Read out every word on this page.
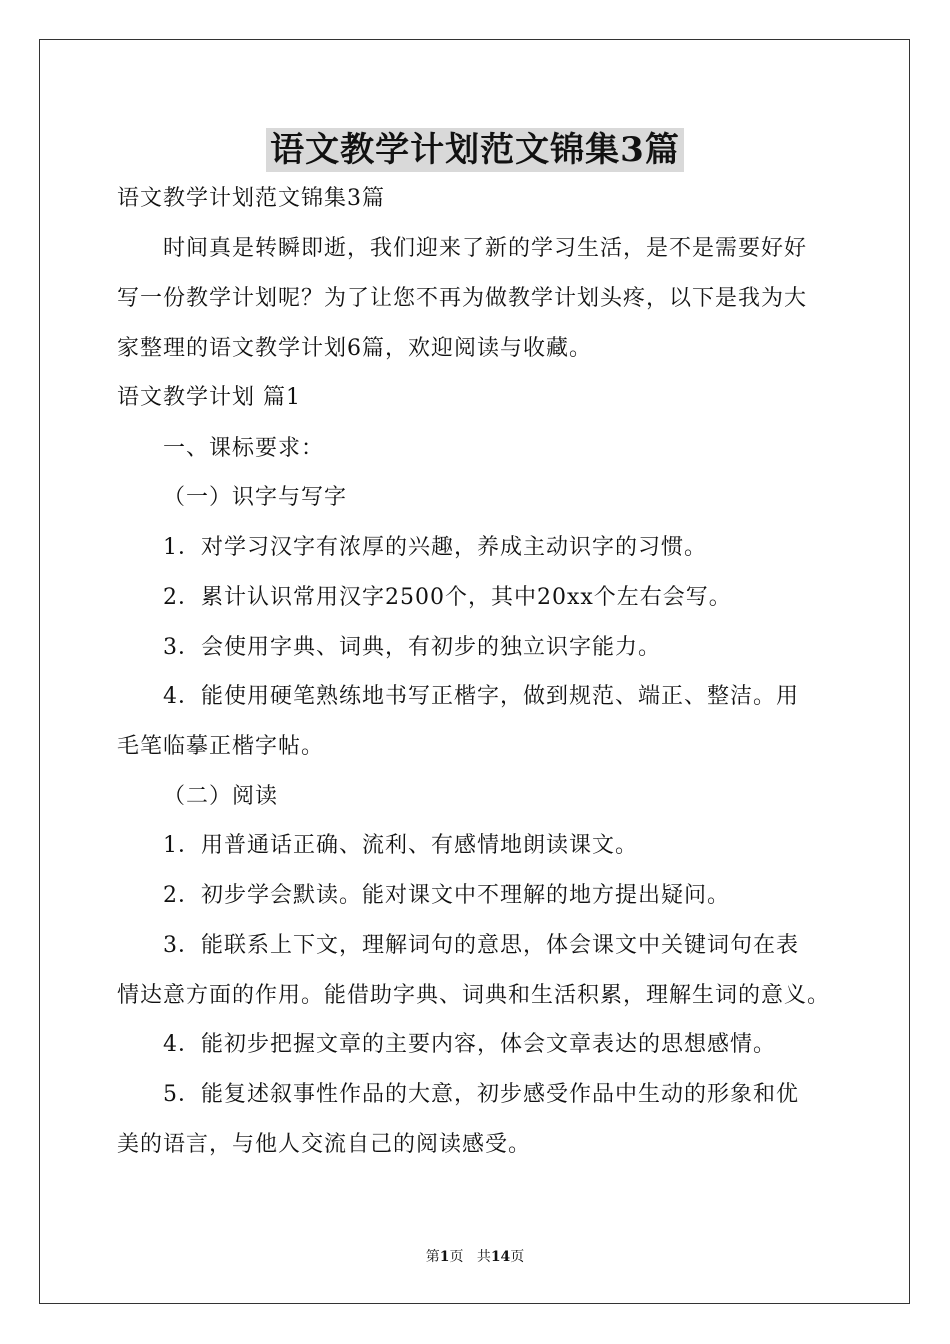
语文教学计划范文锦集3篇
语文教学计划范文锦集3篇
时间真是转瞬即逝，我们迎来了新的学习生活，是不是需要好好
写一份教学计划呢？为了让您不再为做教学计划头疼，以下是我为大
家整理的语文教学计划6篇，欢迎阅读与收藏。
语文教学计划 篇1
一、课标要求：
（一）识字与写字
1．对学习汉字有浓厚的兴趣，养成主动识字的习惯。
2．累计认识常用汉字2500个，其中20xx个左右会写。
3．会使用字典、词典，有初步的独立识字能力。
4．能使用硬笔熟练地书写正楷字，做到规范、端正、整洁。用
毛笔临摹正楷字帖。
（二）阅读
1．用普通话正确、流利、有感情地朗读课文。
2．初步学会默读。能对课文中不理解的地方提出疑问。
3．能联系上下文，理解词句的意思，体会课文中关键词句在表
情达意方面的作用。能借助字典、词典和生活积累，理解生词的意义。
4．能初步把握文章的主要内容，体会文章表达的思想感情。
5．能复述叙事性作品的大意，初步感受作品中生动的形象和优
美的语言，与他人交流自己的阅读感受。
第1页 共14页
